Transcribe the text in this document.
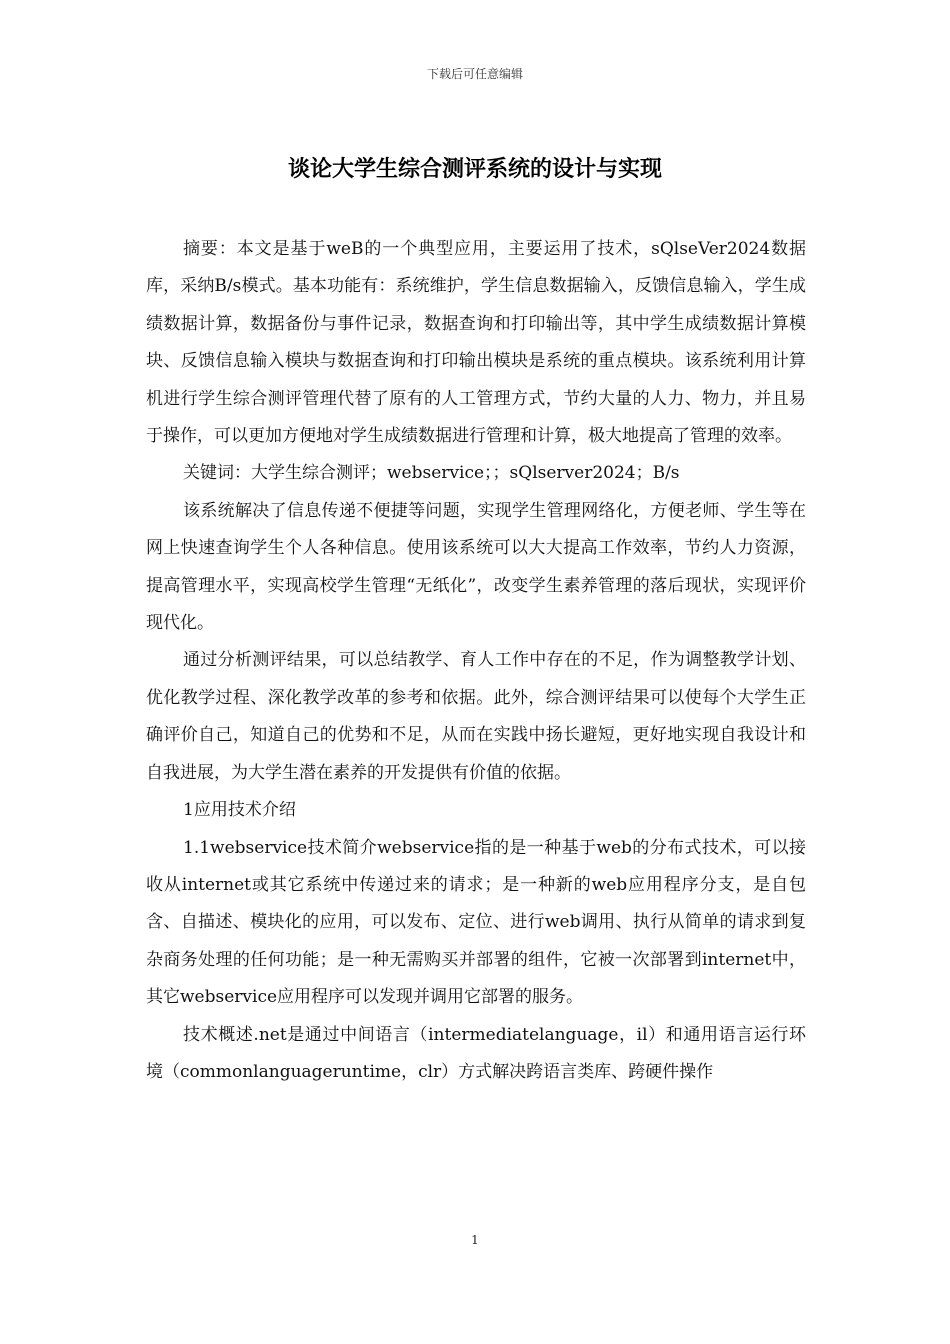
下载后可任意编辑
谈论大学生综合测评系统的设计与实现

摘要：本文是基于weB的一个典型应用，主要运用了技术，sQlseVer2024数据库，采纳B/s模式。基本功能有：系统维护，学生信息数据输入，反馈信息输入，学生成绩数据计算，数据备份与事件记录，数据查询和打印输出等，其中学生成绩数据计算模块、反馈信息输入模块与数据查询和打印输出模块是系统的重点模块。该系统利用计算机进行学生综合测评管理代替了原有的人工管理方式，节约大量的人力、物力，并且易于操作，可以更加方便地对学生成绩数据进行管理和计算，极大地提高了管理的效率。

关键词：大学生综合测评；webservice；；sQlserver2024；B/s

该系统解决了信息传递不便捷等问题，实现学生管理网络化，方便老师、学生等在网上快速查询学生个人各种信息。使用该系统可以大大提高工作效率，节约人力资源，提高管理水平，实现高校学生管理“无纸化”，改变学生素养管理的落后现状，实现评价现代化。

通过分析测评结果，可以总结教学、育人工作中存在的不足，作为调整教学计划、优化教学过程、深化教学改革的参考和依据。此外，综合测评结果可以使每个大学生正确评价自己，知道自己的优势和不足，从而在实践中扬长避短，更好地实现自我设计和自我进展，为大学生潜在素养的开发提供有价值的依据。

1应用技术介绍

1.1webservice技术简介webservice指的是一种基于web的分布式技术，可以接收从internet或其它系统中传递过来的请求；是一种新的web应用程序分支，是自包含、自描述、模块化的应用，可以发布、定位、进行web调用、执行从简单的请求到复杂商务处理的任何功能；是一种无需购买并部署的组件，它被一次部署到internet中，其它webservice应用程序可以发现并调用它部署的服务。

技术概述.net是通过中间语言（intermediatelanguage，il）和通用语言运行环境（commonlanguageruntime，clr）方式解决跨语言类库、跨硬件操作

1
